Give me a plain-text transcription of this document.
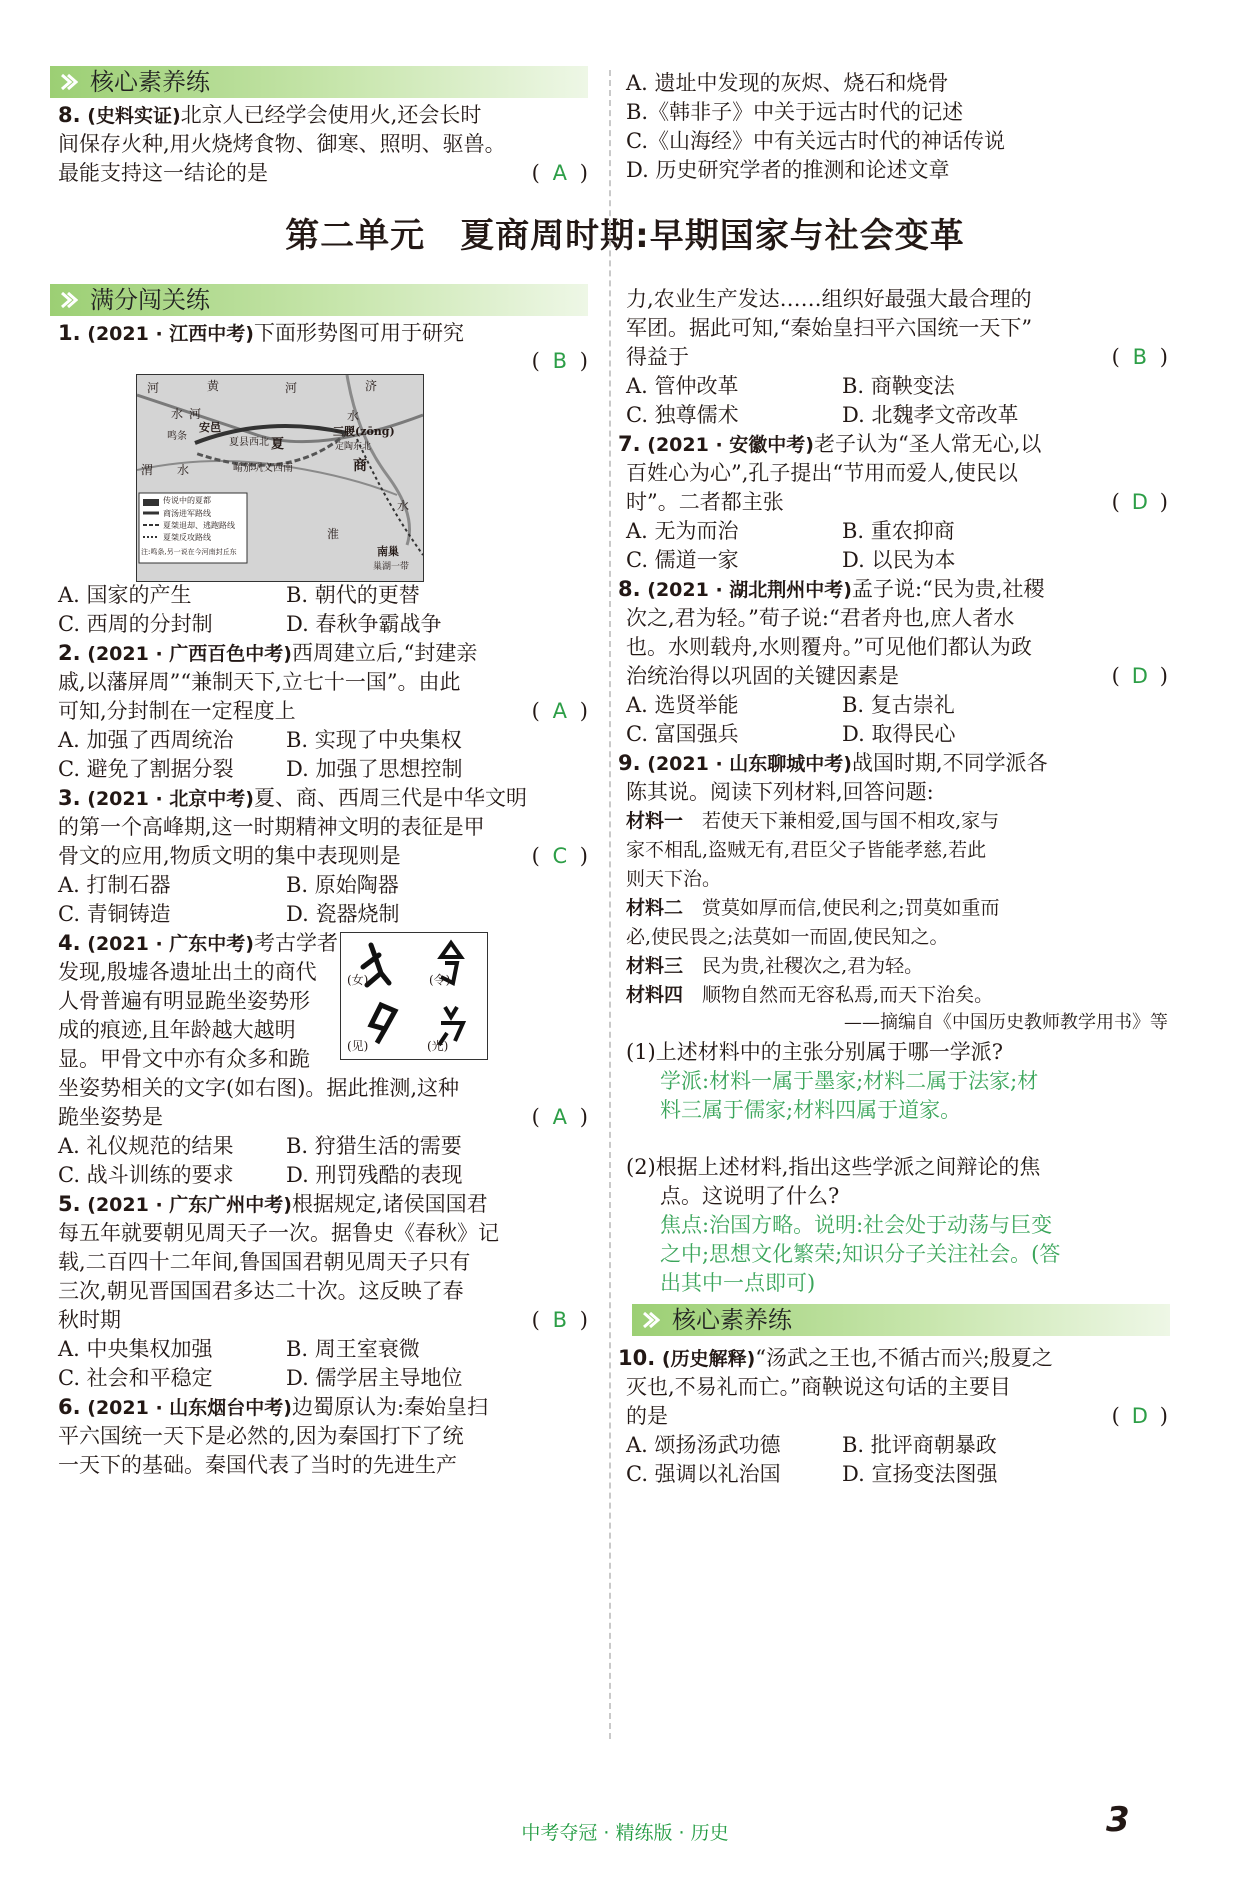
核心素养练
8. (史料实证)北京人已经学会使用火,还会长时
间保存火种,用火烧烤食物、御寒、照明、驱兽。
最能支持这一结论的是	( A )
A. 遗址中发现的灰烬、烧石和烧骨
B.《韩非子》中关于远古时代的记述
C.《山海经》中有关远古时代的神话传说
D. 历史研究学者的推测和论述文章
第二单元　夏商周时期:早期国家与社会变革
满分闯关练
1. (2021 · 江西中考)下面形势图可用于研究
( B )
河	黄	河	济
水 河	水
安邑
鸣条
夏县西北 夏
三朡(zōng)
定陶东北
渭 水	商
崤邠巩义西南
淮
南巢
巢湖一带
水
传说中的夏都
商汤进军路线
夏桀退却、逃跑路线
夏桀反攻路线
注:鸣条,另一说在今河南封丘东
A. 国家的产生	B. 朝代的更替
C. 西周的分封制	D. 春秋争霸战争
2. (2021 · 广西百色中考)西周建立后,“封建亲
戚,以藩屏周”“兼制天下,立七十一国”。由此
可知,分封制在一定程度上	( A )
A. 加强了西周统治 B. 实现了中央集权
C. 避免了割据分裂 D. 加强了思想控制
3. (2021 · 北京中考)夏、商、西周三代是中华文明
的第一个高峰期,这一时期精神文明的表征是甲
骨文的应用,物质文明的集中表现则是	( C )
A. 打制石器	B. 原始陶器
C. 青铜铸造	D. 瓷器烧制
4. (2021 · 广东中考)考古学者
发现,殷墟各遗址出土的商代
人骨普遍有明显跪坐姿势形
成的痕迹,且年龄越大越明
显。甲骨文中亦有众多和跪
坐姿势相关的文字(如右图)。据此推测,这种
跪坐姿势是	( A )
(女)	(令)
(见)	(光)
A. 礼仪规范的结果 B. 狩猎生活的需要
C. 战斗训练的要求 D. 刑罚残酷的表现
5. (2021 · 广东广州中考)根据规定,诸侯国国君
每五年就要朝见周天子一次。据鲁史《春秋》记
载,二百四十二年间,鲁国国君朝见周天子只有
三次,朝见晋国国君多达二十次。这反映了春
秋时期	( B )
A. 中央集权加强	B. 周王室衰微
C. 社会和平稳定	D. 儒学居主导地位
6. (2021 · 山东烟台中考)边蜀原认为:秦始皇扫
平六国统一天下是必然的,因为秦国打下了统
一天下的基础。秦国代表了当时的先进生产
力,农业生产发达……组织好最强大最合理的
军团。据此可知,“秦始皇扫平六国统一天下”
得益于	( B )
A. 管仲改革	B. 商鞅变法
C. 独尊儒术	D. 北魏孝文帝改革
7. (2021 · 安徽中考)老子认为“圣人常无心,以
百姓心为心”,孔子提出“节用而爱人,使民以
时”。二者都主张	( D )
A. 无为而治	B. 重农抑商
C. 儒道一家	D. 以民为本
8. (2021 · 湖北荆州中考)孟子说:“民为贵,社稷
次之,君为轻。”荀子说:“君者舟也,庶人者水
也。水则载舟,水则覆舟。”可见他们都认为政
治统治得以巩固的关键因素是	( D )
A. 选贤举能	B. 复古崇礼
C. 富国强兵	D. 取得民心
9. (2021 · 山东聊城中考)战国时期,不同学派各
陈其说。阅读下列材料,回答问题:
材料一　 若使天下兼相爱,国与国不相攻,家与
家不相乱,盗贼无有,君臣父子皆能孝慈,若此
则天下治。
材料二　 赏莫如厚而信,使民利之;罚莫如重而
必,使民畏之;法莫如一而固,使民知之。
材料三　 民为贵,社稷次之,君为轻。
材料四　 顺物自然而无容私焉,而天下治矣。
——摘编自《中国历史教师教学用书》等
(1)上述材料中的主张分别属于哪一学派?
学派:材料一属于墨家;材料二属于法家;材
料三属于儒家;材料四属于道家。
(2)根据上述材料,指出这些学派之间辩论的焦
点。这说明了什么?
焦点:治国方略。说明:社会处于动荡与巨变
之中;思想文化繁荣;知识分子关注社会。(答
出其中一点即可)
10. (历史解释)“汤武之王也,不循古而兴;殷夏之
灭也,不易礼而亡。”商鞅说这句话的主要目
的是	( D )
A. 颂扬汤武功德	B. 批评商朝暴政
C. 强调以礼治国	D. 宣扬变法图强
核心素养练
中考夺冠 · 精练版 · 历史	3
